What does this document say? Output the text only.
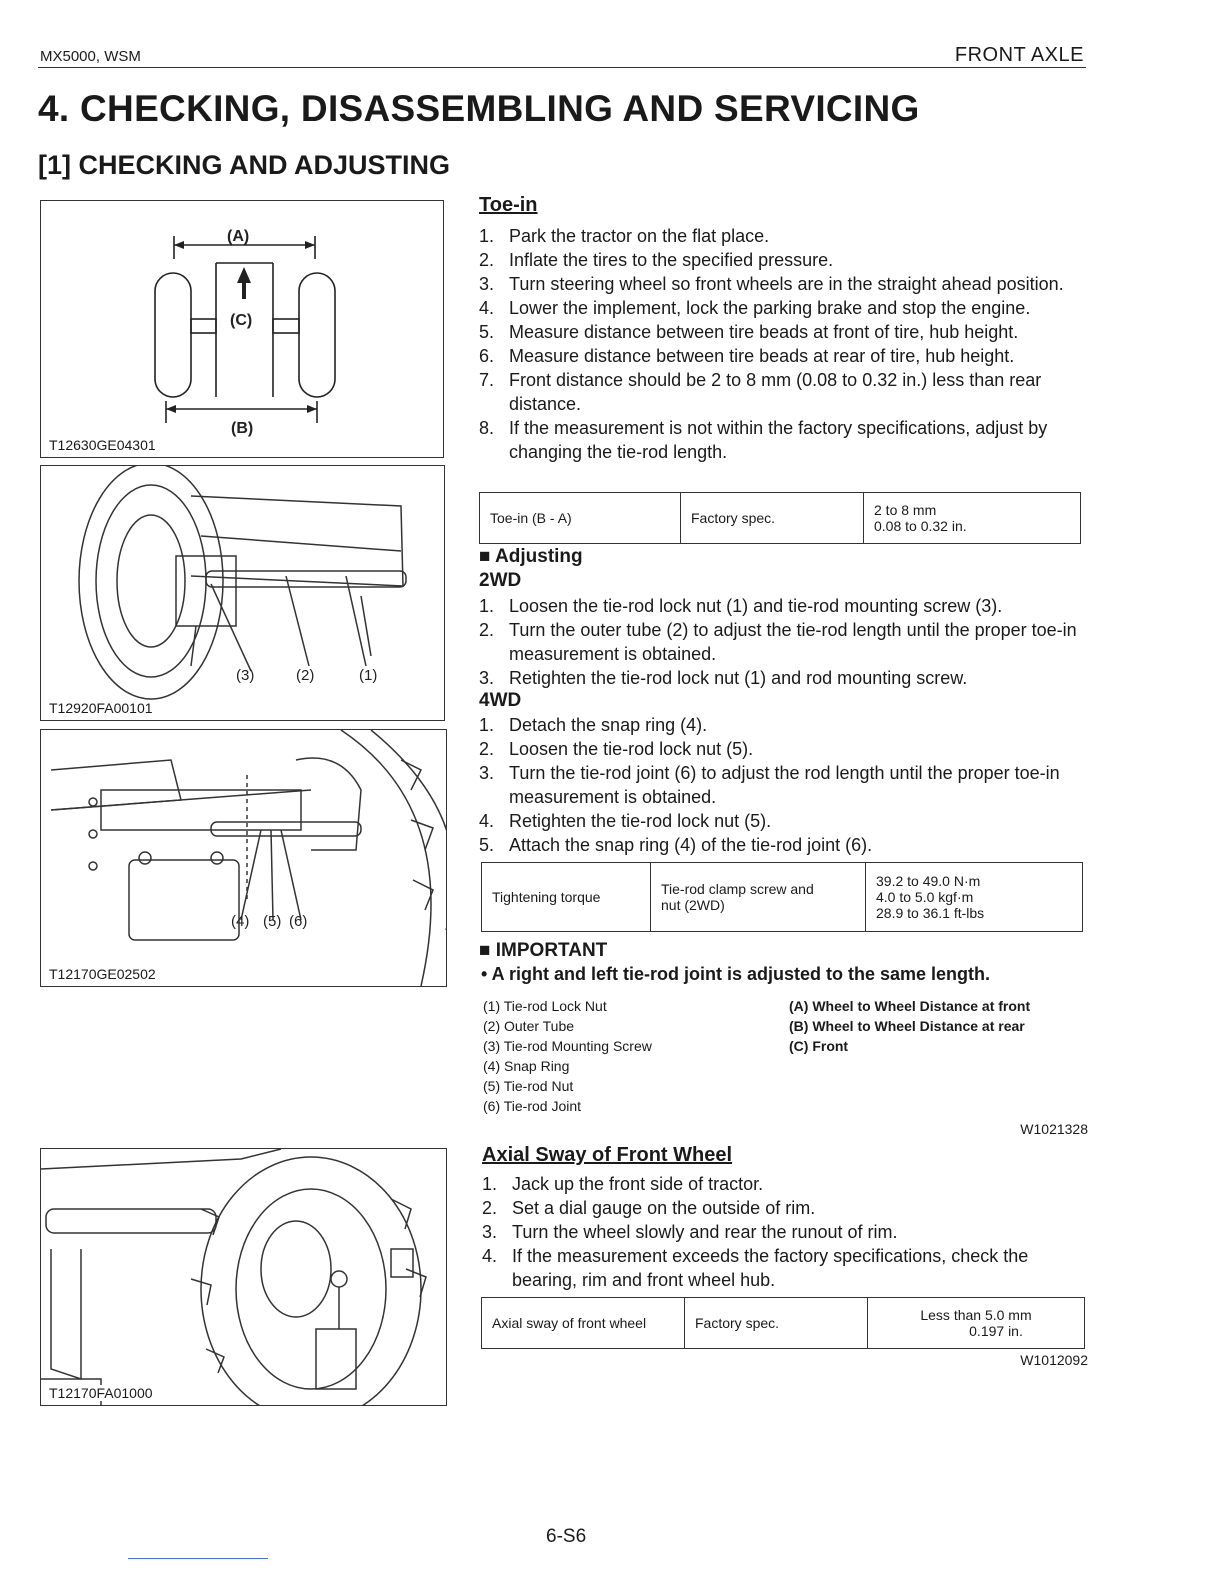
MX5000, WSM	FRONT AXLE
4. CHECKING, DISASSEMBLING AND SERVICING
[1] CHECKING AND ADJUSTING
(A)
(C)
(B)
T12630GE04301
(3)	(2)	(1)
T12920FA00101
(4) (5) (6)
T12170GE02502
T12170FA01000
Toe-in
1. Park the tractor on the flat place.
2. Inflate the tires to the specified pressure.
3. Turn steering wheel so front wheels are in the straight ahead position.
4. Lower the implement, lock the parking brake and stop the engine.
5. Measure distance between tire beads at front of tire, hub height.
6. Measure distance between tire beads at rear of tire, hub height.
7. Front distance should be 2 to 8 mm (0.08 to 0.32 in.) less than rear distance.
8. If the measurement is not within the factory specifications, adjust by changing the tie-rod length.
Toe-in (B - A)	Factory spec.	2 to 8 mm
0.08 to 0.32 in.
■ Adjusting
2WD
1. Loosen the tie-rod lock nut (1) and tie-rod mounting screw (3).
2. Turn the outer tube (2) to adjust the tie-rod length until the proper toe-in measurement is obtained.
3. Retighten the tie-rod lock nut (1) and rod mounting screw.
4WD
1. Detach the snap ring (4).
2. Loosen the tie-rod lock nut (5).
3. Turn the tie-rod joint (6) to adjust the rod length until the proper toe-in measurement is obtained.
4. Retighten the tie-rod lock nut (5).
5. Attach the snap ring (4) of the tie-rod joint (6).
Tightening torque	Tie-rod clamp screw and
nut (2WD)

39.2 to 49.0 N·m
4.0 to 5.0 kgf·m
28.9 to 36.1 ft-lbs
■ IMPORTANT
• A right and left tie-rod joint is adjusted to the same length.
(1) Tie-rod Lock Nut
(2) Outer Tube
(3) Tie-rod Mounting Screw
(4) Snap Ring
(5) Tie-rod Nut
(6) Tie-rod Joint
(A) Wheel to Wheel Distance at front
(B) Wheel to Wheel Distance at rear
(C) Front
W1021328
Axial Sway of Front Wheel
1. Jack up the front side of tractor.
2. Set a dial gauge on the outside of rim.
3. Turn the wheel slowly and rear the runout of rim.
4. If the measurement exceeds the factory specifications, check the bearing, rim and front wheel hub.
Axial sway of front wheel	Factory spec.	Less than 5.0 mm
0.197 in.
W1012092
6-S6
